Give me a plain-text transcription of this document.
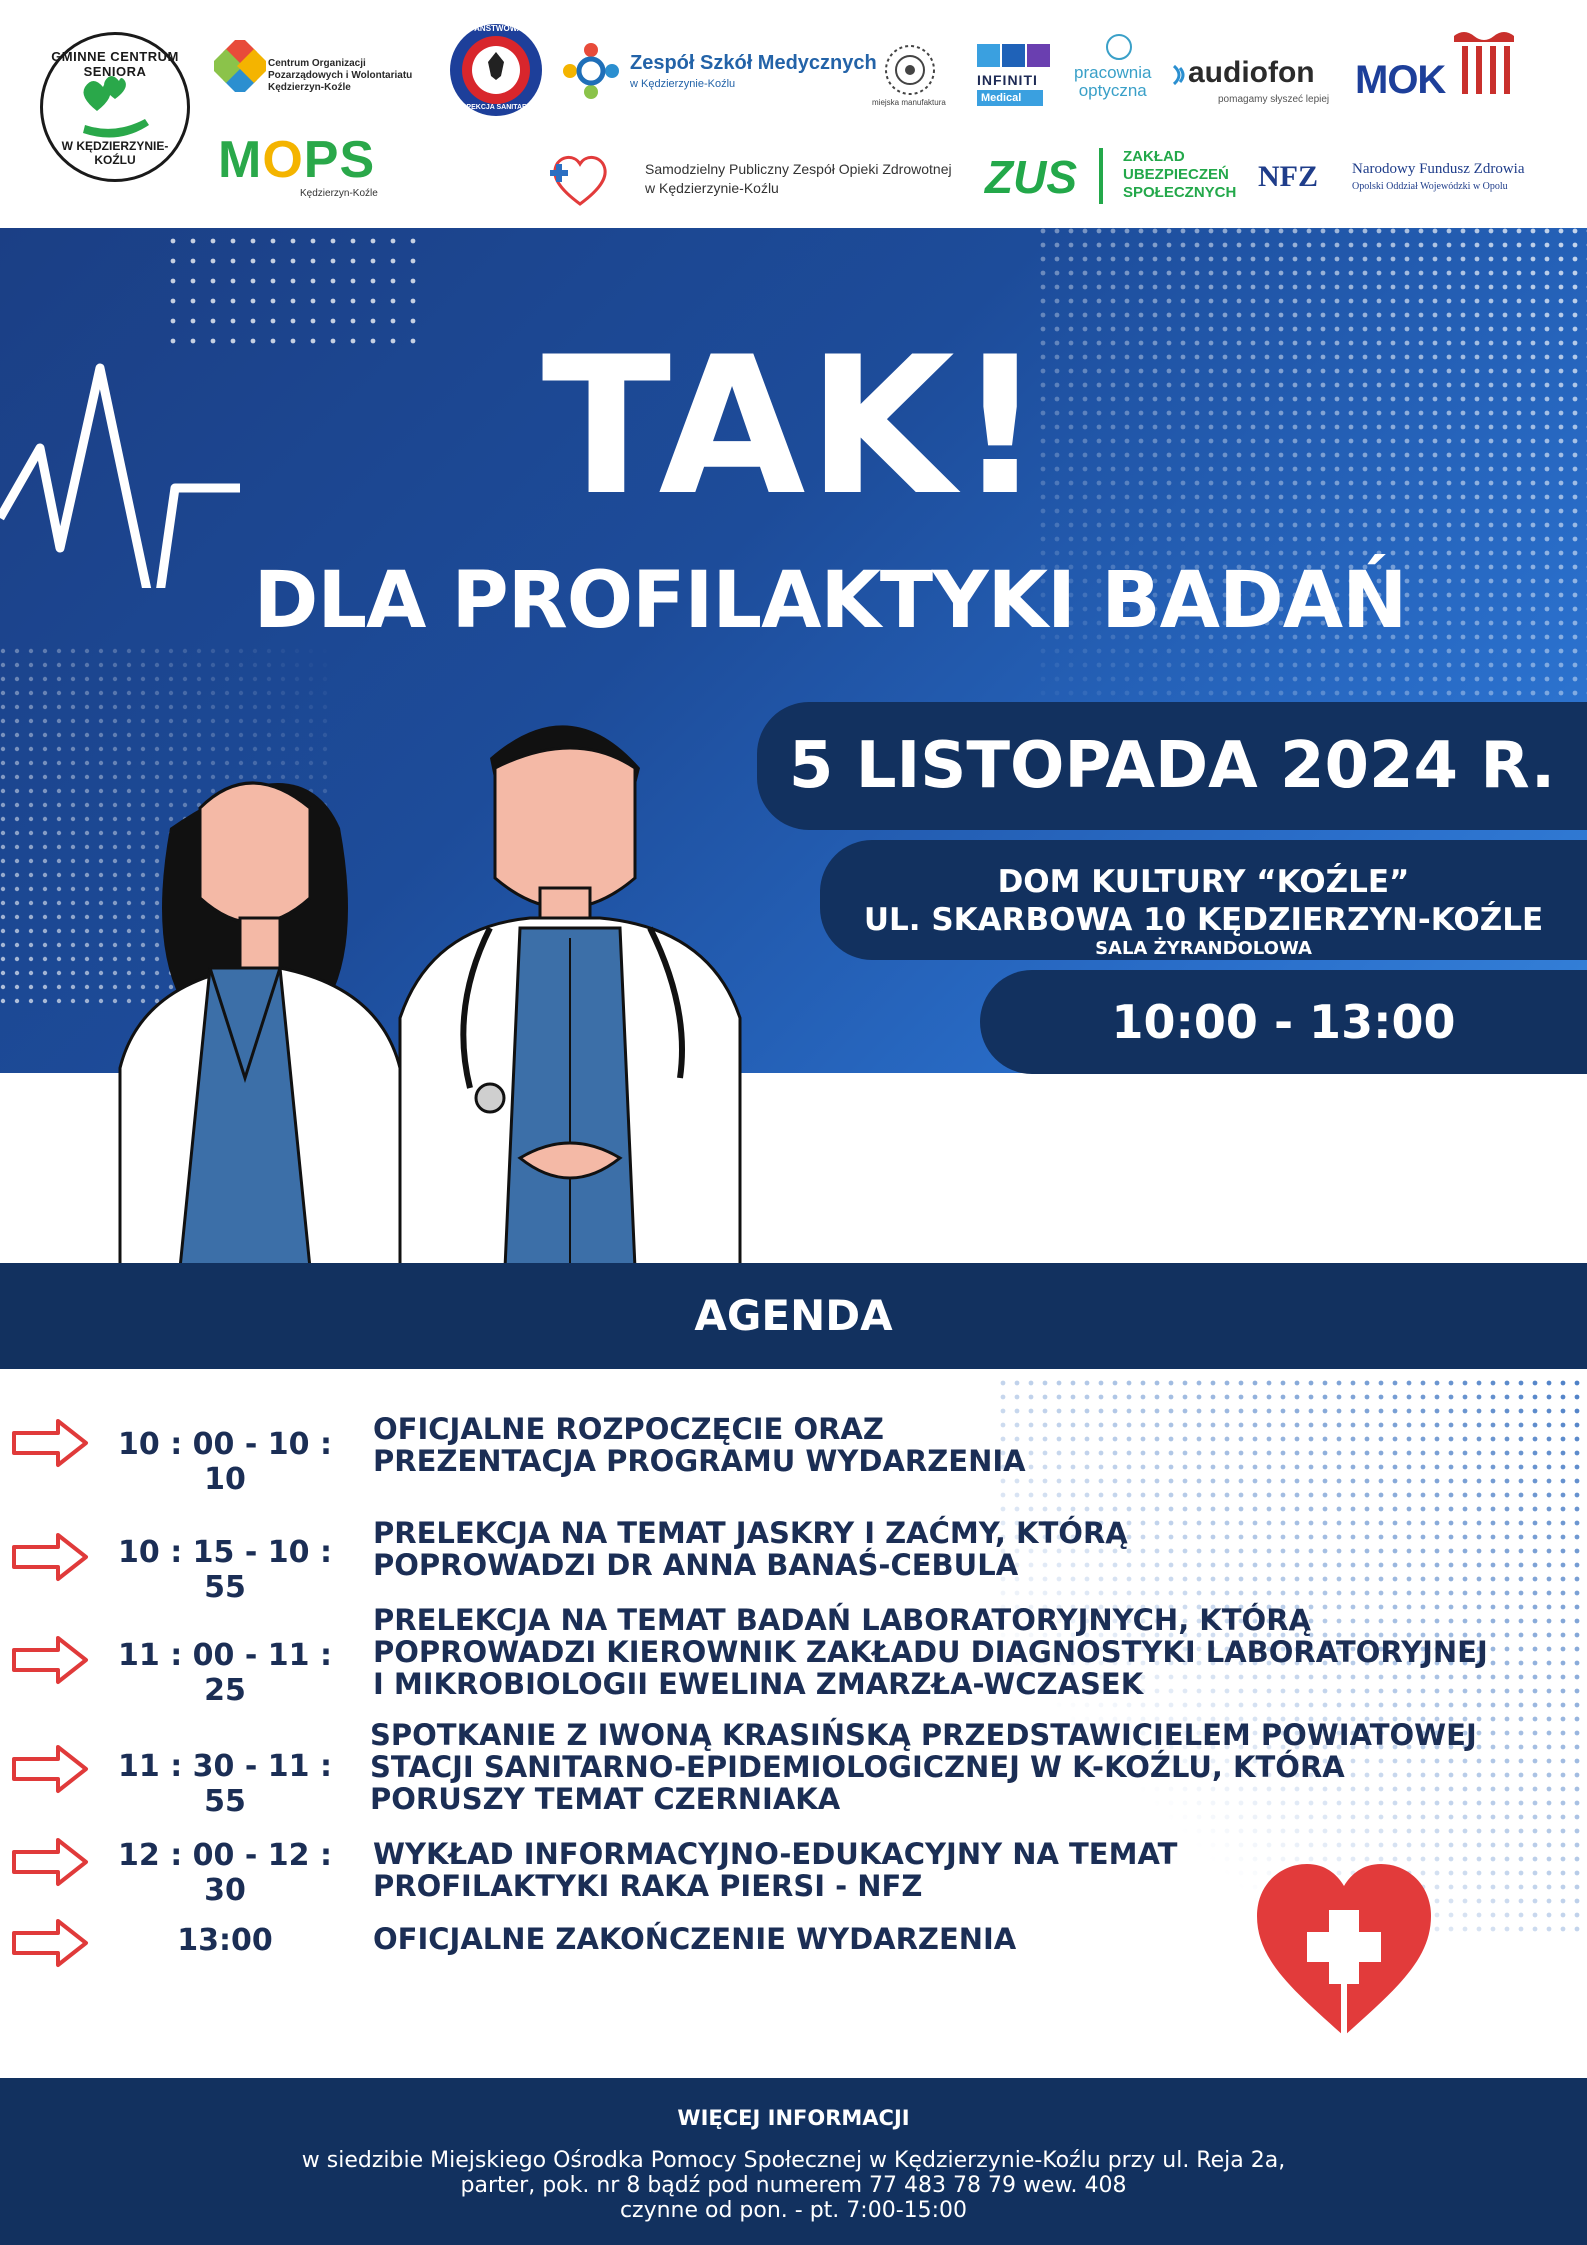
GMINNE CENTRUM SENIORA
W KĘDZIERZYNIE-KOŹLU
Centrum Organizacji
Pozarządowych i Wolontariatu
Kędzierzyn-Koźle
MOPS
Kędzierzyn-Koźle
PAŃSTWOWA
INSPEKCJA SANITARNA
Zespół Szkół Medycznych
w Kędzierzynie-Koźlu
miejska manufaktura
INFINITI
Medical
pracownia
optyczna
audiofon
pomagamy słyszeć lepiej MOK
Samodzielny Publiczny Zespół Opieki Zdrowotnej
w Kędzierzynie-Koźlu	ZUS	ZAKŁAD
UBEZPIECZEŃ
SPOŁECZNYCH NFZ Narodowy Fundusz Zdrowia
Opolski Oddział Wojewódzki w Opolu
TAK!
DLA PROFILAKTYKI BADAŃ
5 LISTOPADA 2024 R.
DOM KULTURY “KOŹLE”
UL. SKARBOWA 10 KĘDZIERZYN-KOŹLE
SALA ŻYRANDOLOWA
10:00 - 13:00
AGENDA
10 : 00 - 10 : 10
OFICJALNE ROZPOCZĘCIE ORAZ
PREZENTACJA PROGRAMU WYDARZENIA
10 : 15 - 10 : 55
PRELEKCJA NA TEMAT JASKRY I ZAĆMY, KTÓRĄ
POPROWADZI DR ANNA BANAŚ-CEBULA
11 : 00 - 11 : 25
PRELEKCJA NA TEMAT BADAŃ LABORATORYJNYCH, KTÓRĄ
POPROWADZI KIEROWNIK ZAKŁADU DIAGNOSTYKI LABORATORYJNEJ
I MIKROBIOLOGII EWELINA ZMARZŁA-WCZASEK
11 : 30 - 11 : 55
SPOTKANIE Z IWONĄ KRASIŃSKĄ PRZEDSTAWICIELEM POWIATOWEJ
STACJI SANITARNO-EPIDEMIOLOGICZNEJ W K-KOŹLU, KTÓRA
PORUSZY TEMAT CZERNIAKA
12 : 00 - 12 : 30
WYKŁAD INFORMACYJNO-EDUKACYJNY NA TEMAT
PROFILAKTYKI RAKA PIERSI - NFZ
13:00	OFICJALNE ZAKOŃCZENIE WYDARZENIA
WIĘCEJ INFORMACJI
w siedzibie Miejskiego Ośrodka Pomocy Społecznej w Kędzierzynie-Koźlu przy ul. Reja 2a,
parter, pok. nr 8 bądź pod numerem 77 483 78 79 wew. 408
czynne od pon. - pt. 7:00-15:00
